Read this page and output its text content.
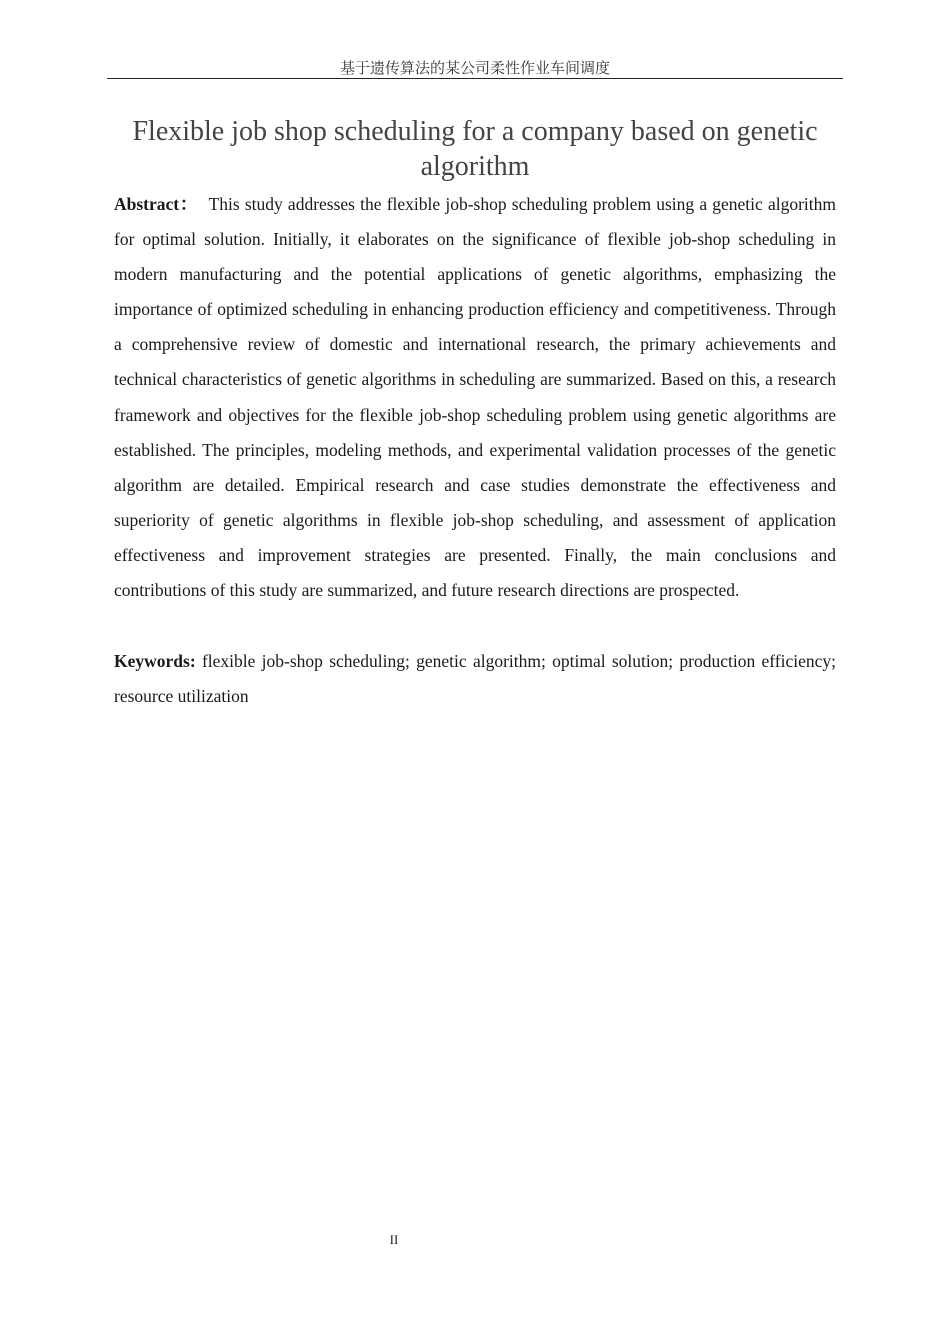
基于遗传算法的某公司柔性作业车间调度
Flexible job shop scheduling for a company based on genetic algorithm

Abstract： This study addresses the flexible job-shop scheduling problem using a genetic algorithm for optimal solution. Initially, it elaborates on the significance of flexible job-shop scheduling in modern manufacturing and the potential applications of genetic algorithms, emphasizing the importance of optimized scheduling in enhancing production efficiency and competitiveness. Through a comprehensive review of domestic and international research, the primary achievements and technical characteristics of genetic algorithms in scheduling are summarized. Based on this, a research framework and objectives for the flexible job-shop scheduling problem using genetic algorithms are established. The principles, modeling methods, and experimental validation processes of the genetic algorithm are detailed. Empirical research and case studies demonstrate the effectiveness and superiority of genetic algorithms in flexible job-shop scheduling, and assessment of application effectiveness and improvement strategies are presented. Finally, the main conclusions and contributions of this study are summarized, and future research directions are prospected.

Keywords: flexible job-shop scheduling; genetic algorithm; optimal solution; production efficiency; resource utilization

II
